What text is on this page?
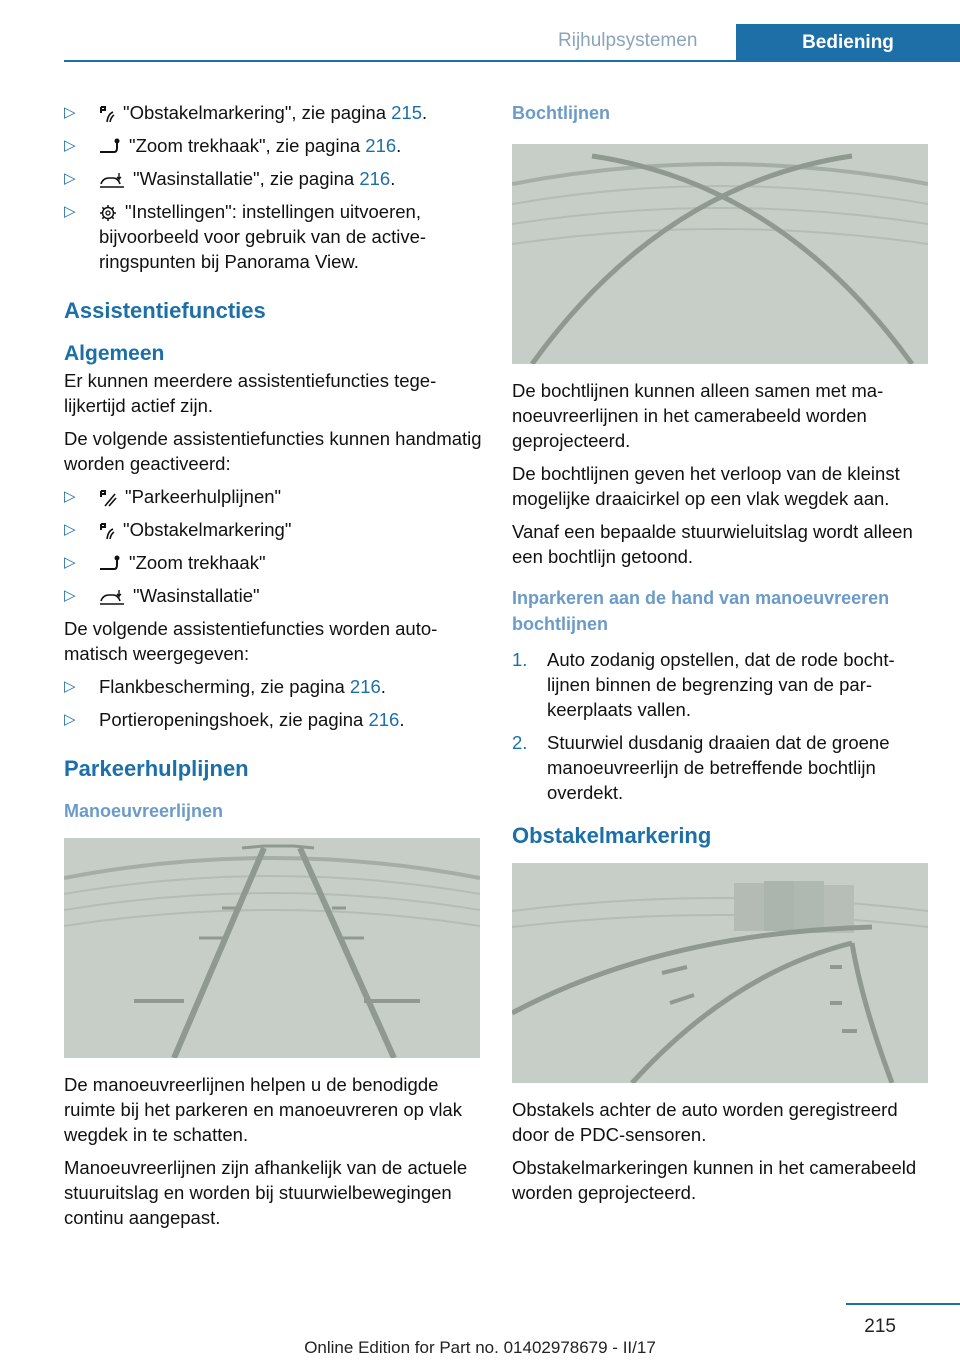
Rijhulpsystemen	Bediening
▷	"Obstakelmarkering", zie pagina 215.
▷	"Zoom trekhaak", zie pagina 216.
▷	"Wasinstallatie", zie pagina 216.
▷	"Instellingen": instellingen uitvoeren, bijvoorbeeld voor gebruik van de activeringspunten bij Panorama View.
Assistentiefuncties
Algemeen

Er kunnen meerdere assistentiefuncties tegelijkertijd actief zijn.

De volgende assistentiefuncties kunnen handmatig worden geactiveerd:

▷	"Parkeerhulplijnen"
▷	"Obstakelmarkering"
▷	"Zoom trekhaak"
▷	"Wasinstallatie"

De volgende assistentiefuncties worden automatisch weergegeven:

▷ Flankbescherming, zie pagina 216.
▷ Portieropeningshoek, zie pagina 216.
Parkeerhulplijnen
Manoeuvreerlijnen

De manoeuvreerlijnen helpen u de benodigde ruimte bij het parkeren en manoeuvreren op vlak wegdek in te schatten.

Manoeuvreerlijnen zijn afhankelijk van de actuele stuuruitslag en worden bij stuurwielbewegingen continu aangepast.

Bochtlijnen

De bochtlijnen kunnen alleen samen met manoeuvreerlijnen in het camerabeeld worden geprojecteerd.

De bochtlijnen geven het verloop van de kleinst mogelijke draaicirkel op een vlak wegdek aan.

Vanaf een bepaalde stuurwieluitslag wordt alleen een bochtlijn getoond.

Inparkeren aan de hand van manoeuvreeren bochtlijnen
1. Auto zodanig opstellen, dat de rode bochtlijnen binnen de begrenzing van de parkeerplaats vallen.
2. Stuurwiel dusdanig draaien dat de groene manoeuvreerlijn de betreffende bochtlijn overdekt.
Obstakelmarkering

Obstakels achter de auto worden geregistreerd door de PDC-sensoren.

Obstakelmarkeringen kunnen in het camerabeeld worden geprojecteerd.

215
Online Edition for Part no. 01402978679 - II/17
